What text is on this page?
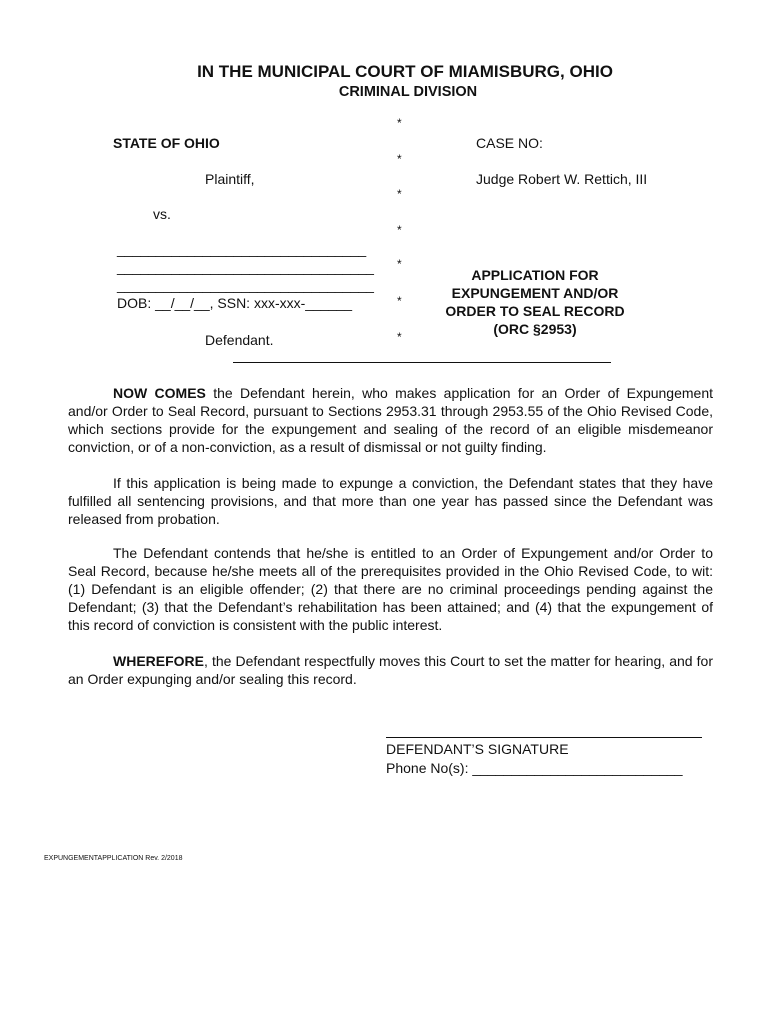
IN THE MUNICIPAL COURT OF MIAMISBURG, OHIO
CRIMINAL DIVISION
STATE OF OHIO
Plaintiff,
vs.
________________________________
_________________________________
_________________________________
DOB: __/__/__, SSN: xxx-xxx-______
Defendant.
*
*
*
*
*
*
*
CASE NO:
Judge Robert W. Rettich, III
APPLICATION FOR
EXPUNGEMENT AND/OR
ORDER TO SEAL RECORD
(ORC §2953)
NOW COMES the Defendant herein, who makes application for an Order of Expungement and/or Order to Seal Record, pursuant to Sections 2953.31 through 2953.55 of the Ohio Revised Code, which sections provide for the expungement and sealing of the record of an eligible misdemeanor conviction, or of a non-conviction, as a result of dismissal or not guilty finding.
If this application is being made to expunge a conviction, the Defendant states that they have fulfilled all sentencing provisions, and that more than one year has passed since the Defendant was released from probation.
The Defendant contends that he/she is entitled to an Order of Expungement and/or Order to Seal Record, because he/she meets all of the prerequisites provided in the Ohio Revised Code, to wit: (1) Defendant is an eligible offender; (2) that there are no criminal proceedings pending against the Defendant; (3) that the Defendant’s rehabilitation has been attained; and (4) that the expungement of this record of conviction is consistent with the public interest.
WHEREFORE, the Defendant respectfully moves this Court to set the matter for hearing, and for an Order expunging and/or sealing this record.
DEFENDANT’S SIGNATURE
Phone No(s): ___________________________
EXPUNGEMENTAPPLICATION Rev. 2/2018
